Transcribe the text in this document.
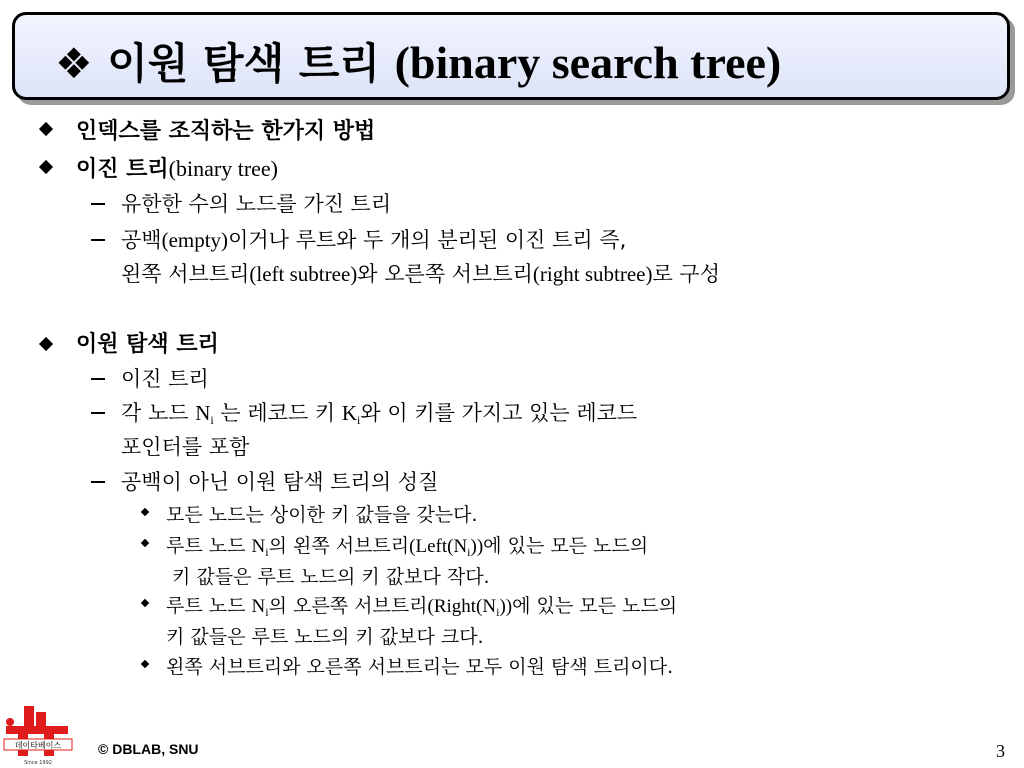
❖ 이원 탐색 트리 (binary search tree)
인덱스를 조직하는 한가지 방법
이진 트리(binary tree)
유한한 수의 노드를 가진 트리
공백(empty)이거나 루트와 두 개의 분리된 이진 트리 즉,
왼쪽 서브트리(left subtree)와 오른쪽 서브트리(right subtree)로 구성
이원 탐색 트리
이진 트리
각 노드 $N_i$ 는 레코드 키 $K_i$와 이 키를 가지고 있는 레코드
포인터를 포함
공백이 아닌 이원 탐색 트리의 성질
모든 노드는 상이한 키 값들을 갖는다.
루트 노드 $N_i$의 왼쪽 서브트리$(Left(N_i))$에 있는 모든 노드의
키 값들은 루트 노드의 키 값보다 작다.
루트 노드 $N_i$의 오른쪽 서브트리$(Right(N_i))$에 있는 모든 노드의
키 값들은 루트 노드의 키 값보다 크다.
왼쪽 서브트리와 오른쪽 서브트리는 모두 이원 탐색 트리이다.
데이타베이스
Since 1992
© DBLAB, SNU	3
